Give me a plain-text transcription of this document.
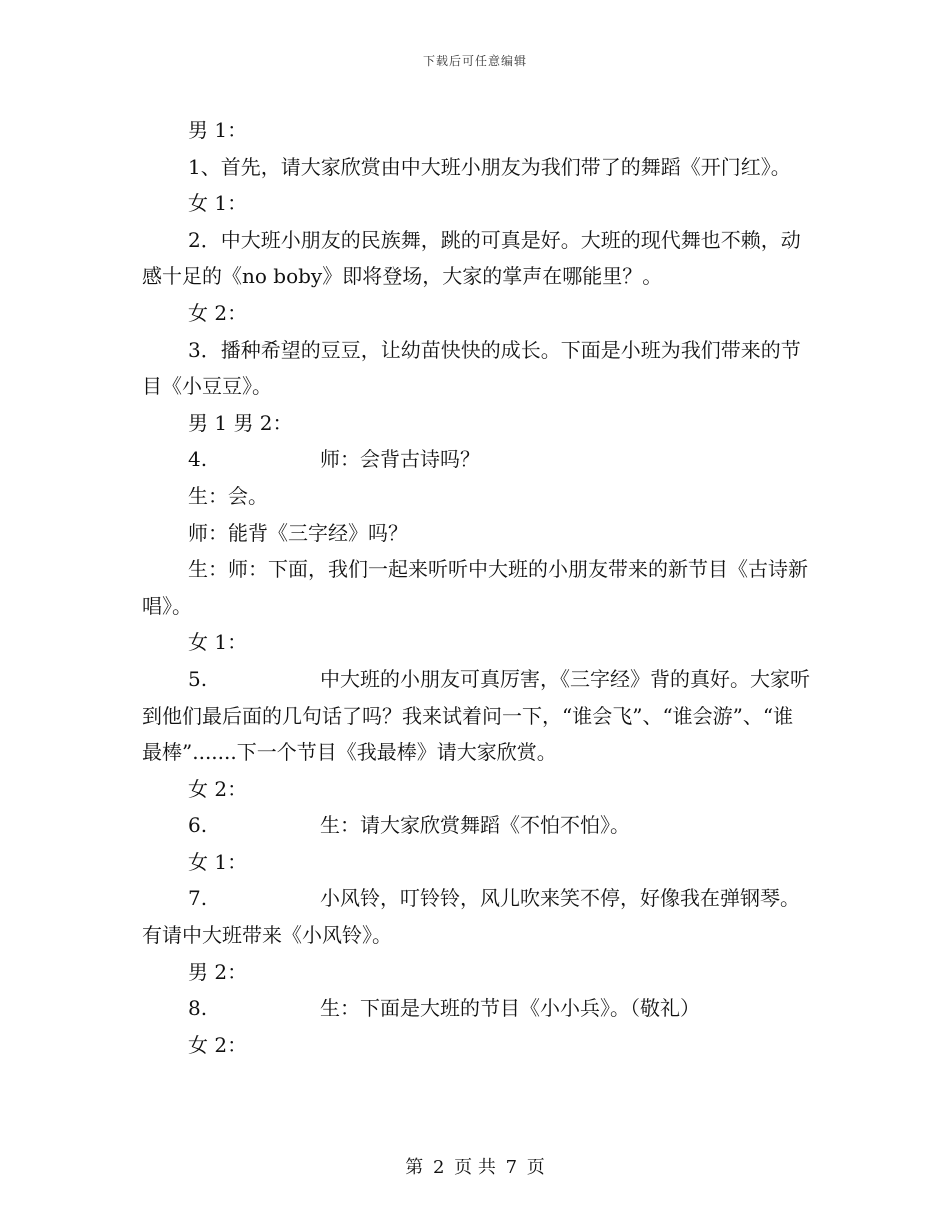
下载后可任意编辑

男 1：

1、首先，请大家欣赏由中大班小朋友为我们带了的舞蹈《开门红》。

女 1：

2．中大班小朋友的民族舞，跳的可真是好。大班的现代舞也不赖，动感十足的《no boby》即将登场，大家的掌声在哪能里？。

女 2：

3．播种希望的豆豆，让幼苗快快的成长。下面是小班为我们带来的节目《小豆豆》。

男 1 男 2：

4.	师：会背古诗吗？

生：会。

师：能背《三字经》吗？

生：师：下面，我们一起来听听中大班的小朋友带来的新节目《古诗新唱》。

女 1：

5.	中大班的小朋友可真厉害，《三字经》背的真好。大家听到他们最后面的几句话了吗？我来试着问一下，“谁会飞”、“谁会游”、“谁最棒”.......下一个节目《我最棒》请大家欣赏。

女 2：

6.	生：请大家欣赏舞蹈《不怕不怕》。

女 1：

7.	小风铃，叮铃铃，风儿吹来笑不停，好像我在弹钢琴。有请中大班带来《小风铃》。

男 2：

8.	生：下面是大班的节目《小小兵》。（敬礼）

女 2：

第 2 页 共 7 页
